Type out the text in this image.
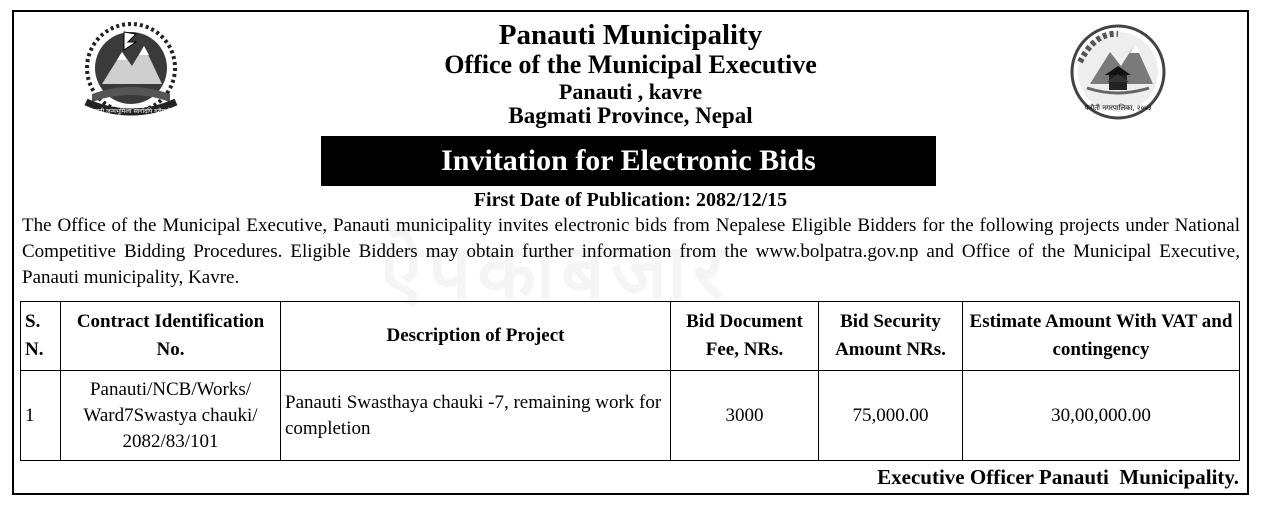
जननी जन्मभूमिश्च स्वर्गादपि गरीयसी	पनौती नगरपालिका, २०५३
Panauti Municipality
Office of the Municipal Executive
Panauti , kavre
Bagmati Province, Nepal
Invitation for Electronic Bids
First Date of Publication: 2082/12/15
The Office of the Municipal Executive, Panauti municipality invites electronic bids from Nepalese Eligible Bidders for the following projects under National Competitive Bidding Procedures. Eligible Bidders may obtain further information from the www.bolpatra.gov.np and Office of the Municipal Executive, Panauti municipality, Kavre.
S. N.	Contract Identification No.	Description of Project	Bid Document Fee, NRs.	Bid Security Amount NRs.	Estimate Amount With VAT and contingency
1	Panauti/NCB/Works/ Ward7Swastya chauki/ 2082/83/101	Panauti Swasthaya chauki -7, remaining work for completion	3000	75,000.00	30,00,000.00
Executive Officer Panauti  Municipality.
